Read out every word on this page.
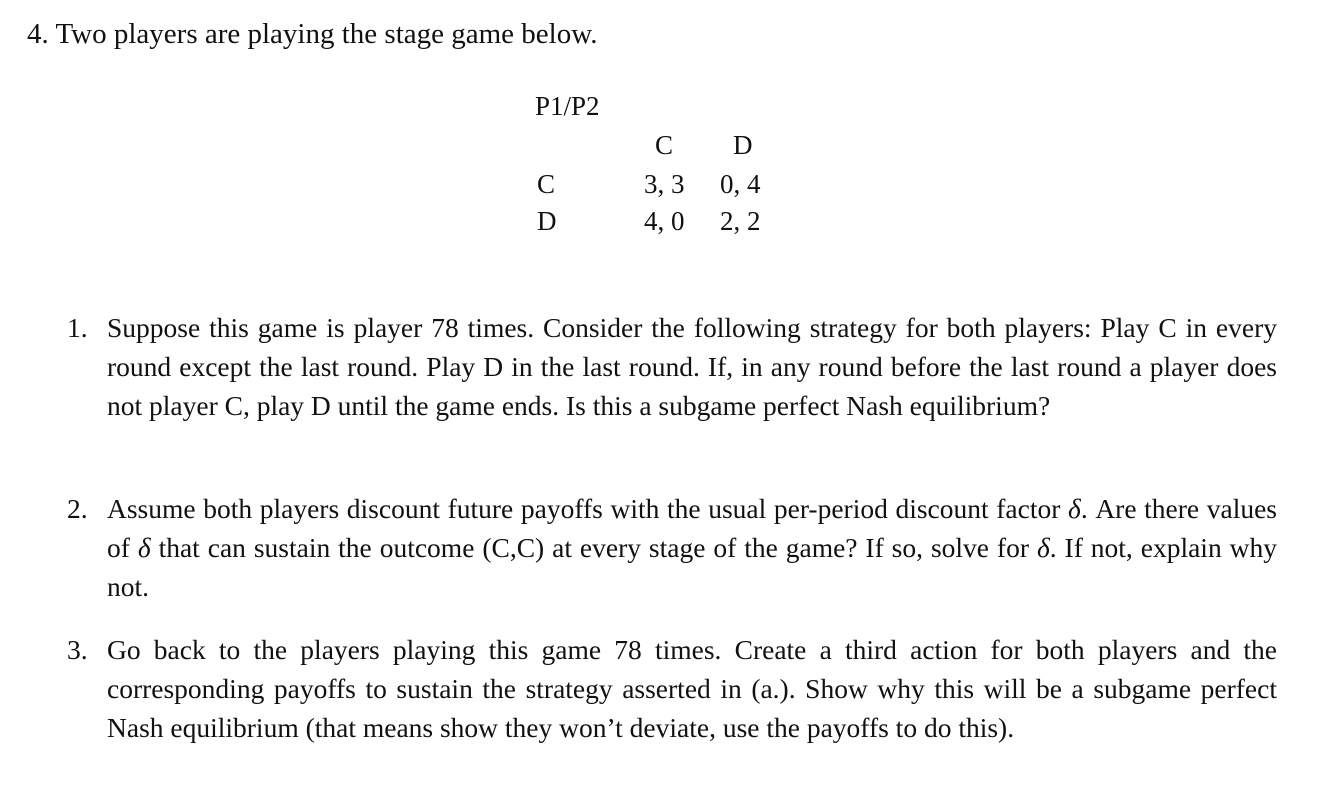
4. Two players are playing the stage game below.
P1/P2
C D
C
D
3, 3 0, 4
4, 0 2, 2
1. Suppose this game is player 78 times. Consider the following strategy for both players: Play C in every round except the last round. Play D in the last round. If, in any round before the last round a player does not player C, play D until the game ends. Is this a subgame perfect Nash equilibrium?
2. Assume both players discount future payoffs with the usual per-period discount factor δ. Are there values of δ that can sustain the outcome (C,C) at every stage of the game? If so, solve for δ. If not, explain why not.
3. Go back to the players playing this game 78 times. Create a third action for both players and the corresponding payoffs to sustain the strategy asserted in (a.). Show why this will be a subgame perfect Nash equilibrium (that means show they won’t deviate, use the payoffs to do this).
